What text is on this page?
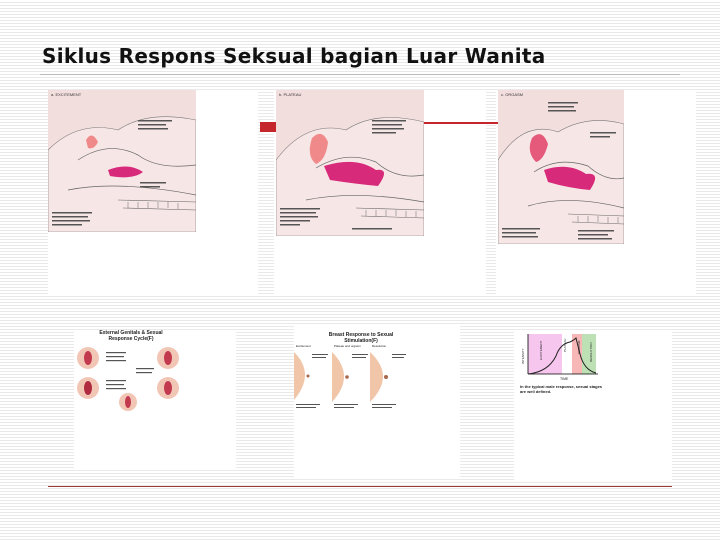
Siklus Respons Seksual bagian Luar Wanita
a. EXCITEMENT	b. PLATEAU	c. ORGASM
External Genitals & Sexual Response Cycle(F)
Breast Response to Sexual Stimulation(F)
Excitement	Plateau and orgasm	Resolution
INTENSITY	EXCITEMENT	PLATEAU	ORGASM	RESOLUTION
TIME
In the typical male response, sexual stages are well defined.
